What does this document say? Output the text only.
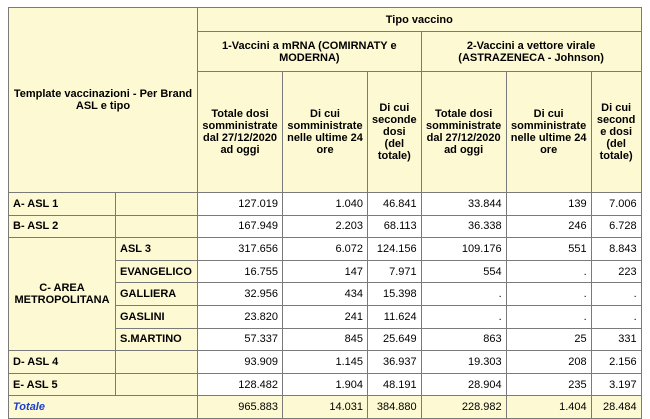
Template vaccinazioni - Per Brand ASL e tipo		Tipo vaccino					
		1-Vaccini a mRNA (COMIRNATY e MODERNA)			2-Vaccini a vettore virale (ASTRAZENECA - Johnson)		
		Totale dosi somministrate dal 27/12/2020 ad oggi	Di cui somministrate nelle ultime 24 ore	Di cui seconde dosi (del totale)	Totale dosi somministrate dal 27/12/2020 ad oggi	Di cui somministrate nelle ultime 24 ore	Di cui second e dosi (del totale)
A- ASL 1		127.019	1.040	46.841	33.844	139	7.006
B- ASL 2		167.949	2.203	68.113	36.338	246	6.728
C- AREA METROPOLITANA	ASL 3	317.656	6.072	124.156	109.176	551	8.843
	EVANGELICO	16.755	147	7.971	554	.	223
	GALLIERA	32.956	434	15.398	.	.	.
	GASLINI	23.820	241	11.624	.	.	.
	S.MARTINO	57.337	845	25.649	863	25	331
D- ASL 4		93.909	1.145	36.937	19.303	208	2.156
E- ASL 5		128.482	1.904	48.191	28.904	235	3.197
Totale		965.883	14.031	384.880	228.982	1.404	28.484
